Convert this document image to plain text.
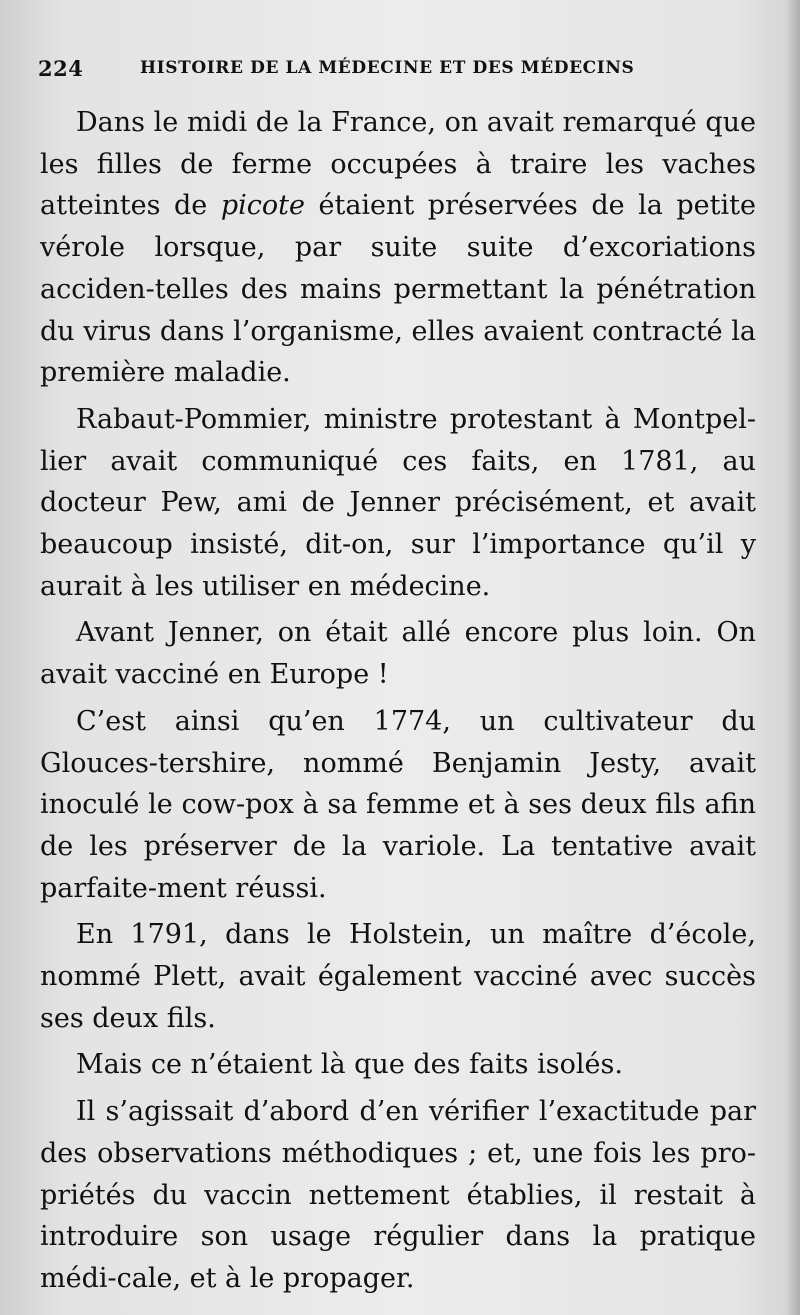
224	HISTOIRE DE LA MÉDECINE ET DES MÉDECINS

Dans le midi de la France, on avait remarqué que les filles de ferme occupées à traire les vaches atteintes de picote étaient préservées de la petite vérole lorsque, par suite suite d’excoriations acciden-telles des mains permettant la pénétration du virus dans l’organisme, elles avaient contracté la première maladie.

Rabaut-Pommier, ministre protestant à Montpel-lier avait communiqué ces faits, en 1781, au docteur Pew, ami de Jenner précisément, et avait beaucoup insisté, dit-on, sur l’importance qu’il y aurait à les utiliser en médecine.

Avant Jenner, on était allé encore plus loin. On avait vacciné en Europe !

C’est ainsi qu’en 1774, un cultivateur du Glouces-tershire, nommé Benjamin Jesty, avait inoculé le cow-pox à sa femme et à ses deux fils afin de les préserver de la variole. La tentative avait parfaite-ment réussi.

En 1791, dans le Holstein, un maître d’école, nommé Plett, avait également vacciné avec succès ses deux fils.

Mais ce n’étaient là que des faits isolés.

Il s’agissait d’abord d’en vérifier l’exactitude par des observations méthodiques ; et, une fois les pro-priétés du vaccin nettement établies, il restait à introduire son usage régulier dans la pratique médi-cale, et à le propager.
